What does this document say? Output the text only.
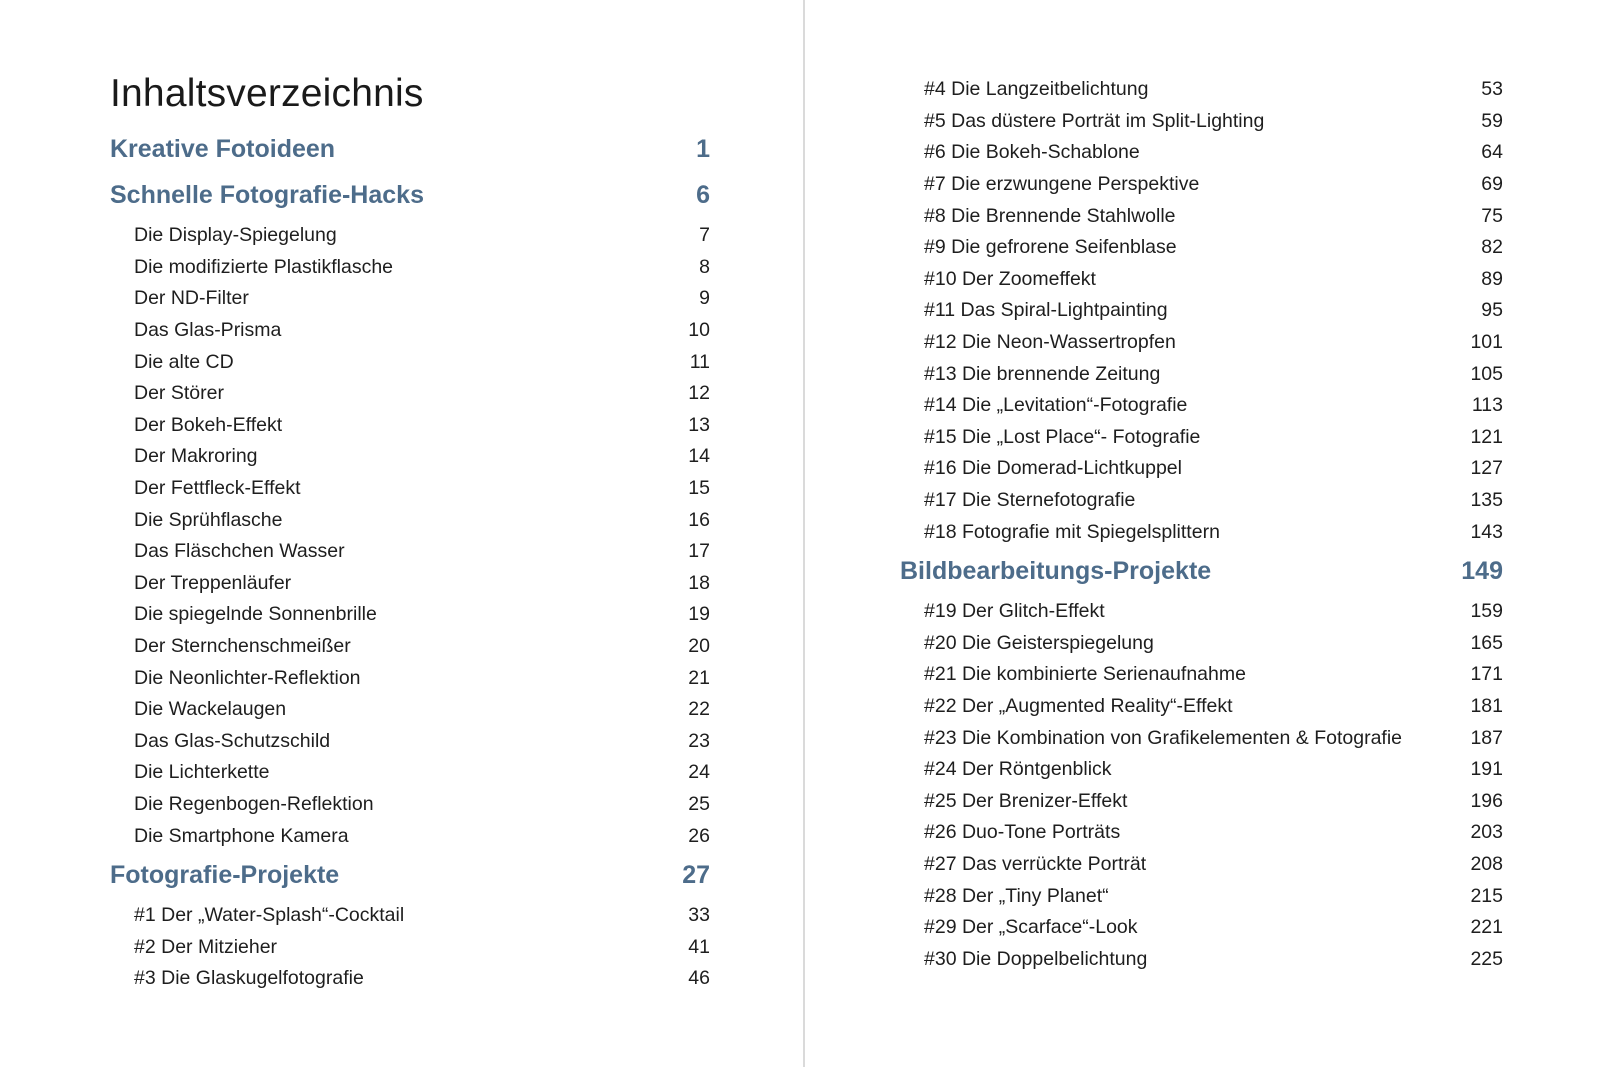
Inhaltsverzeichnis
Kreative Fotoideen	1
Schnelle Fotografie-Hacks	6
Die Display-Spiegelung	7
Die modifizierte Plastikflasche	8
Der ND-Filter	9
Das Glas-Prisma	10
Die alte CD	11
Der Störer	12
Der Bokeh-Effekt	13
Der Makroring	14
Der Fettfleck-Effekt	15
Die Sprühflasche	16
Das Fläschchen Wasser	17
Der Treppenläufer	18
Die spiegelnde Sonnenbrille	19
Der Sternchenschmeißer	20
Die Neonlichter-Reflektion	21
Die Wackelaugen	22
Das Glas-Schutzschild	23
Die Lichterkette	24
Die Regenbogen-Reflektion	25
Die Smartphone Kamera	26
Fotografie-Projekte	27
#1 Der „Water-Splash“-Cocktail	33
#2 Der Mitzieher	41
#3 Die Glaskugelfotografie	46
#4 Die Langzeitbelichtung	53
#5 Das düstere Porträt im Split-Lighting	59
#6 Die Bokeh-Schablone	64
#7 Die erzwungene Perspektive	69
#8 Die Brennende Stahlwolle	75
#9 Die gefrorene Seifenblase	82
#10 Der Zoomeffekt	89
#11 Das Spiral-Lightpainting	95
#12 Die Neon-Wassertropfen	101
#13 Die brennende Zeitung	105
#14 Die „Levitation“-Fotografie	113
#15 Die „Lost Place“- Fotografie	121
#16 Die Domerad-Lichtkuppel	127
#17 Die Sternefotografie	135
#18 Fotografie mit Spiegelsplittern	143
Bildbearbeitungs-Projekte	149
#19 Der Glitch-Effekt	159
#20 Die Geisterspiegelung	165
#21 Die kombinierte Serienaufnahme	171
#22 Der „Augmented Reality“-Effekt	181
#23 Die Kombination von Grafikelementen & Fotografie	187
#24 Der Röntgenblick	191
#25 Der Brenizer-Effekt	196
#26 Duo-Tone Porträts	203
#27 Das verrückte Porträt	208
#28 Der „Tiny Planet“	215
#29 Der „Scarface“-Look	221
#30 Die Doppelbelichtung	225
